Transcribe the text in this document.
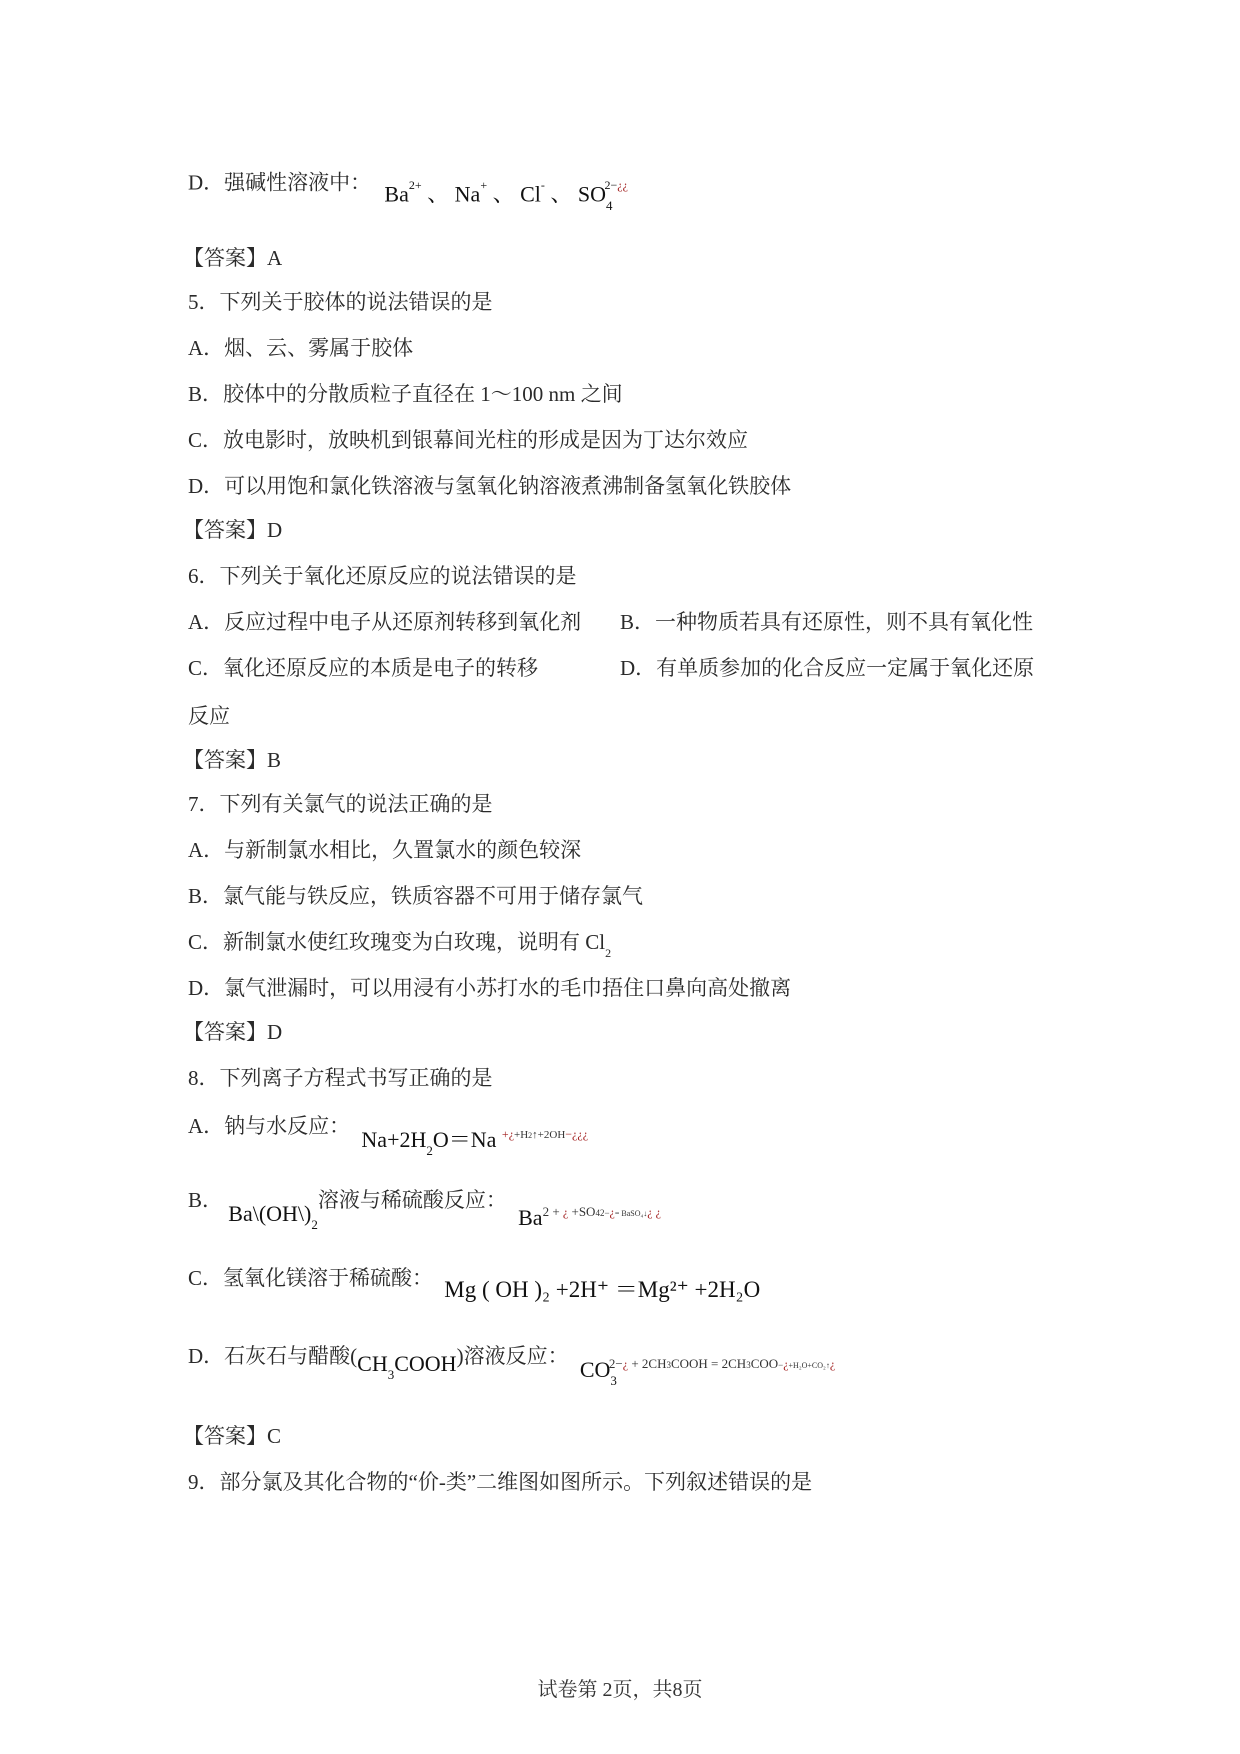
D．强碱性溶液中： $Ba^{2+}$ 、 Na+ 、 Cl- 、 $SO_4^{2-¿¿}$
【答案】A
5．下列关于胶体的说法错误的是
A．烟、云、雾属于胶体
B．胶体中的分散质粒子直径在 1～100 nm 之间
C．放电影时，放映机到银幕间光柱的形成是因为丁达尔效应
D．可以用饱和氯化铁溶液与氢氧化钠溶液煮沸制备氢氧化铁胶体
【答案】D
6．下列关于氧化还原反应的说法错误的是
A．反应过程中电子从还原剂转移到氧化剂 B．一种物质若具有还原性，则不具有氧化性
C．氧化还原反应的本质是电子的转移	D．有单质参加的化合反应一定属于氧化还原
反应
【答案】B
7．下列有关氯气的说法正确的是
A．与新制氯水相比，久置氯水的颜色较深
B．氯气能与铁反应，铁质容器不可用于储存氯气
C．新制氯水使红玫瑰变为白玫瑰，说明有 $Cl_2$
D．氯气泄漏时，可以用浸有小苏打水的毛巾捂住口鼻向高处撤离
【答案】D
8．下列离子方程式书写正确的是
A．钠与水反应： $Na+2H_2O=Na$ $^{+¿+H2↑+2OH-¿¿¿}$
B． $Ba\backslash(OH\backslash)_2$溶液与稀硫酸反应： $Ba^{2 + ¿ +SO42-¿= BaSO_4↓¿ ¿}$
C．氢氧化镁溶于稀硫酸： Mg ( OH )₂ +2H⁺ ＝Mg²⁺ +2H₂O
D．石灰石与醋酸$(CH_3COOH)$溶液反应： $CO_3^{2-¿ + 2CH3COOH = 2CH3COO-¿+H_2O+CO_2↑¿}$
【答案】C
9．部分氯及其化合物的“价-类”二维图如图所示。下列叙述错误的是
试卷第 2页，共8页
